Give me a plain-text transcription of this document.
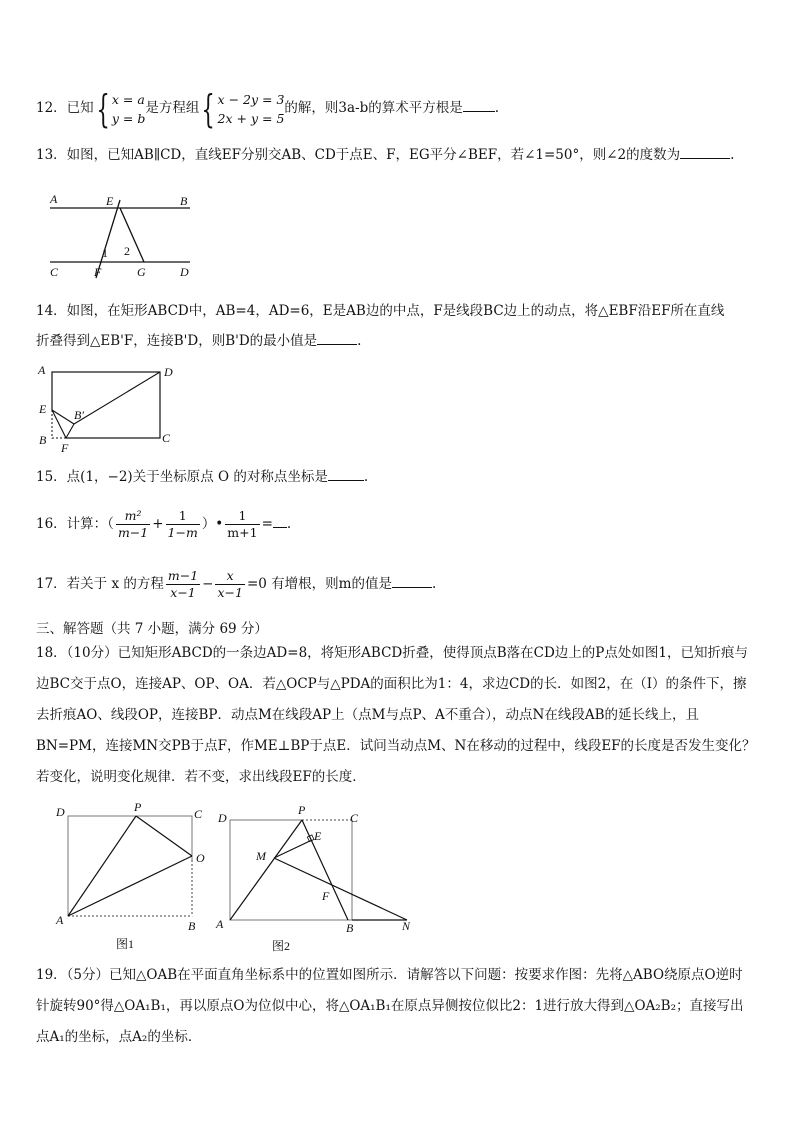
12．已知{ x = a
y = b
是方程组{ x − 2y = 3
2x + y = 5
的解，则3a-b的算术平方根是 .
13．如图，已知AB∥CD，直线EF分别交AB、CD于点E、F，EG平分∠BEF，若∠1=50°，则∠2的度数为	.
A	E	B
1 2
C	F	G	D
14．如图，在矩形ABCD中，AB=4，AD=6，E是AB边的中点，F是线段BC边上的动点，将△EBF沿EF所在直线
折叠得到△EB'F，连接B'D，则B'D的最小值是	.
A	D
E B′
B	C
F
15．点(1，−2)关于坐标原点 O 的对称点坐标是	.
16．计算：（ $\frac{\text{m²}}{m-1} + \frac{1}{1-m}$ ）• $\frac{1}{m+1}$ = .
17．若关于 x 的方程 $\frac{m-1}{x-1} - \frac{x}{x-1} =0$ 有增根，则m的值是	.
三、解答题（共 7 小题，满分 69 分）
18．（10分）已知矩形ABCD的一条边AD=8，将矩形ABCD折叠，使得顶点B落在CD边上的P点处如图1，已知折痕与边BC交于点O，连接AP、OP、OA．若△OCP与△PDA的面积比为1：4，求边CD的长．如图2，在（Ⅰ）的条件下，擦去折痕AO、线段OP，连接BP．动点M在线段AP上（点M与点P、A不重合），动点N在线段AB的延长线上，且BN=PM，连接MN交PB于点F，作ME⊥BP于点E．试问当动点M、N在移动的过程中，线段EF的长度是否发生变化？若变化，说明变化规律．若不变，求出线段EF的长度．
D	P	C
O
A	B
图1
D
P
C
E
M
F
A	B	N
图2
19．（5分）已知△OAB在平面直角坐标系中的位置如图所示．请解答以下问题：按要求作图：先将△ABO绕原点O逆时针旋转90°得△OA₁B₁，再以原点O为位似中心，将△OA₁B₁在原点异侧按位似比2：1进行放大得到△OA₂B₂；直接写出点A₁的坐标，点A₂的坐标．
